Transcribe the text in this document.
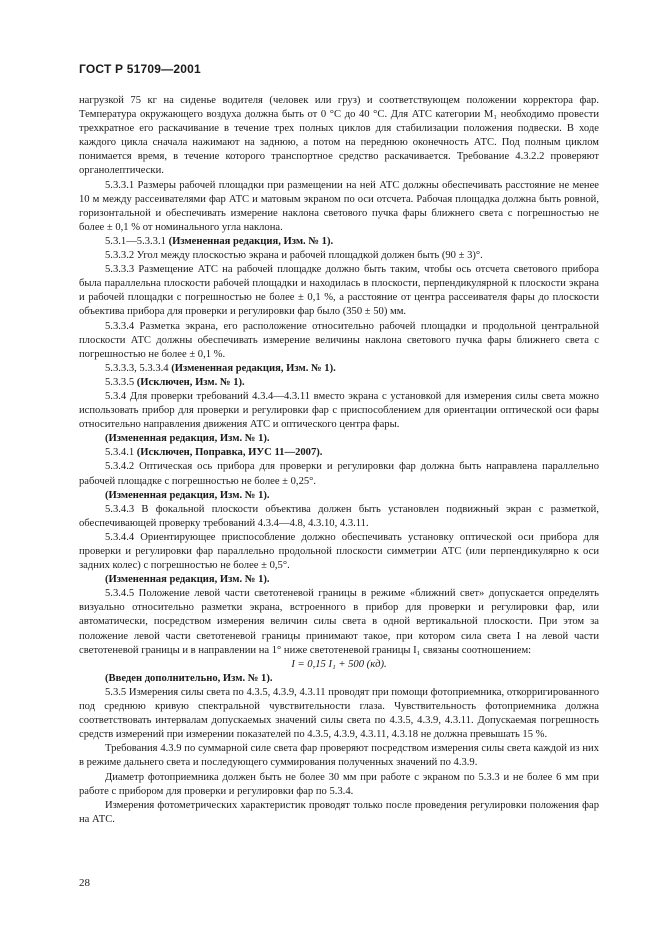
ГОСТ Р 51709—2001

нагрузкой 75 кг на сиденье водителя (человек или груз) и соответствующем положении корректора фар. Температура окружающего воздуха должна быть от 0 °С до 40 °С. Для АТС категории M₁ необходимо провести трехкратное его раскачивание в течение трех полных циклов для стабилизации положения подвески. В ходе каждого цикла сначала нажимают на заднюю, а потом на переднюю оконечность АТС. Под полным циклом понимается время, в течение которого транспортное средство раскачивается. Требование 4.3.2.2 проверяют органолептически.

5.3.3.1 Размеры рабочей площадки при размещении на ней АТС должны обеспечивать расстояние не менее 10 м между рассеивателями фар АТС и матовым экраном по оси отсчета. Рабочая площадка должна быть ровной, горизонтальной и обеспечивать измерение наклона светового пучка фары ближнего света с погрешностью не более ± 0,1 % от номинального угла наклона.

5.3.1—5.3.3.1 (Измененная редакция, Изм. № 1).

5.3.3.2 Угол между плоскостью экрана и рабочей площадкой должен быть (90 ± 3)°.

5.3.3.3 Размещение АТС на рабочей площадке должно быть таким, чтобы ось отсчета светового прибора была параллельна плоскости рабочей площадки и находилась в плоскости, перпендикулярной к плоскости экрана и рабочей площадки с погрешностью не более ± 0,1 %, а расстояние от центра рассеивателя фары до плоскости объектива прибора для проверки и регулировки фар было (350 ± 50) мм.

5.3.3.4 Разметка экрана, его расположение относительно рабочей площадки и продольной центральной плоскости АТС должны обеспечивать измерение величины наклона светового пучка фары ближнего света с погрешностью не более ± 0,1 %.

5.3.3.3, 5.3.3.4 (Измененная редакция, Изм. № 1).

5.3.3.5 (Исключен, Изм. № 1).

5.3.4 Для проверки требований 4.3.4—4.3.11 вместо экрана с установкой для измерения силы света можно использовать прибор для проверки и регулировки фар с приспособлением для ориентации оптической оси фары относительно направления движения АТС и оптического центра фары.

(Измененная редакция, Изм. № 1).

5.3.4.1 (Исключен, Поправка, ИУС 11—2007).

5.3.4.2 Оптическая ось прибора для проверки и регулировки фар должна быть направлена параллельно рабочей площадке с погрешностью не более ± 0,25°.

(Измененная редакция, Изм. № 1).

5.3.4.3 В фокальной плоскости объектива должен быть установлен подвижный экран с разметкой, обеспечивающей проверку требований 4.3.4—4.8, 4.3.10, 4.3.11.

5.3.4.4 Ориентирующее приспособление должно обеспечивать установку оптической оси прибора для проверки и регулировки фар параллельно продольной плоскости симметрии АТС (или перпендикулярно к оси задних колес) с погрешностью не более ± 0,5°.

(Измененная редакция, Изм. № 1).

5.3.4.5 Положение левой части светотеневой границы в режиме «ближний свет» допускается определять визуально относительно разметки экрана, встроенного в прибор для проверки и регулировки фар, или автоматически, посредством измерения величин силы света в одной вертикальной плоскости. При этом за положение левой части светотеневой границы принимают такое, при котором сила света I на левой части светотеневой границы и в направлении на 1° ниже светотеневой границы I₁ связаны соотношением:

I = 0,15 I₁ + 500 (кд).

(Введен дополнительно, Изм. № 1).

5.3.5 Измерения силы света по 4.3.5, 4.3.9, 4.3.11 проводят при помощи фотоприемника, откорригированного под среднюю кривую спектральной чувствительности глаза. Чувствительность фотоприемника должна соответствовать интервалам допускаемых значений силы света по 4.3.5, 4.3.9, 4.3.11. Допускаемая погрешность средств измерений при измерении показателей по 4.3.5, 4.3.9, 4.3.11, 4.3.18 не должна превышать 15 %.

Требования 4.3.9 по суммарной силе света фар проверяют посредством измерения силы света каждой из них в режиме дальнего света и последующего суммирования полученных значений по 4.3.9.

Диаметр фотоприемника должен быть не более 30 мм при работе с экраном по 5.3.3 и не более 6 мм при работе с прибором для проверки и регулировки фар по 5.3.4.

Измерения фотометрических характеристик проводят только после проведения регулировки положения фар на АТС.

28
